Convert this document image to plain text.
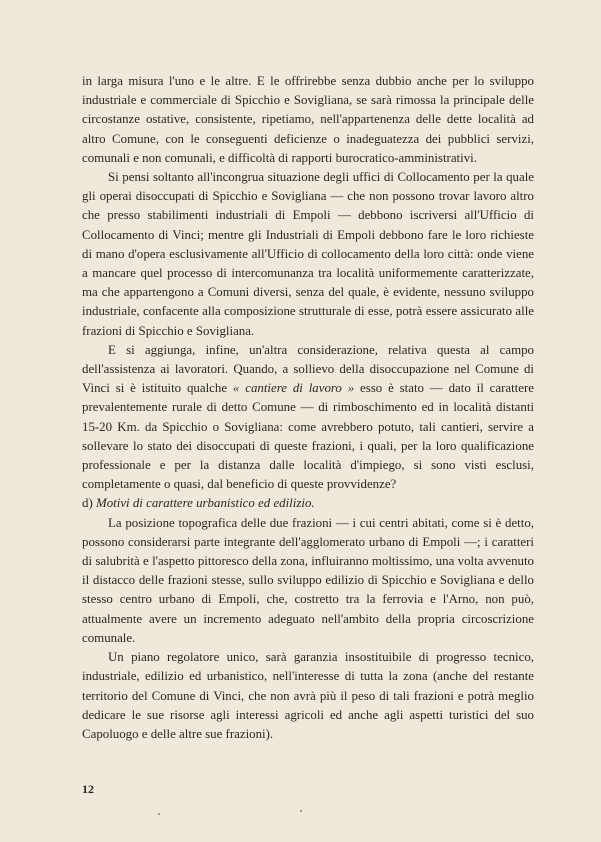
in larga misura l'uno e le altre. E le offrirebbe senza dubbio anche per lo sviluppo industriale e commerciale di Spicchio e Sovigliana, se sarà rimossa la principale delle circostanze ostative, consistente, ripetiamo, nell'appartenenza delle dette località ad altro Comune, con le conseguenti deficienze o inadeguatezza dei pubblici servizi, comunali e non comunali, e difficoltà di rapporti burocratico-amministrativi.

Si pensi soltanto all'incongrua situazione degli uffici di Collocamento per la quale gli operai disoccupati di Spicchio e Sovigliana — che non possono trovar lavoro altro che presso stabilimenti industriali di Empoli — debbono iscriversi all'Ufficio di Collocamento di Vinci; mentre gli Industriali di Empoli debbono fare le loro richieste di mano d'opera esclusivamente all'Ufficio di collocamento della loro città: onde viene a mancare quel processo di intercomunanza tra località uniformemente caratterizzate, ma che appartengono a Comuni diversi, senza del quale, è evidente, nessuno sviluppo industriale, confacente alla composizione strutturale di esse, potrà essere assicurato alle frazioni di Spicchio e Sovigliana.

E si aggiunga, infine, un'altra considerazione, relativa questa al campo dell'assistenza ai lavoratori. Quando, a sollievo della disoccupazione nel Comune di Vinci si è istituito qualche « cantiere di lavoro » esso è stato — dato il carattere prevalentemente rurale di detto Comune — di rimboschimento ed in località distanti 15-20 Km. da Spicchio o Sovigliana: come avrebbero potuto, tali cantieri, servire a sollevare lo stato dei disoccupati di queste frazioni, i quali, per la loro qualificazione professionale e per la distanza dalle località d'impiego, si sono visti esclusi, completamente o quasi, dal beneficio di queste provvidenze?

d) Motivi di carattere urbanistico ed edilizio.

La posizione topografica delle due frazioni — i cui centri abitati, come si è detto, possono considerarsi parte integrante dell'agglomerato urbano di Empoli —; i caratteri di salubrità e l'aspetto pittoresco della zona, influiranno moltissimo, una volta avvenuto il distacco delle frazioni stesse, sullo sviluppo edilizio di Spicchio e Sovigliana e dello stesso centro urbano di Empoli, che, costretto tra la ferrovia e l'Arno, non può, attualmente avere un incremento adeguato nell'ambito della propria circoscrizione comunale.

Un piano regolatore unico, sarà garanzia insostituibile di progresso tecnico, industriale, edilizio ed urbanistico, nell'interesse di tutta la zona (anche del restante territorio del Comune di Vinci, che non avrà più il peso di tali frazioni e potrà meglio dedicare le sue risorse agli interessi agricoli ed anche agli aspetti turistici del suo Capoluogo e delle altre sue frazioni).

12
